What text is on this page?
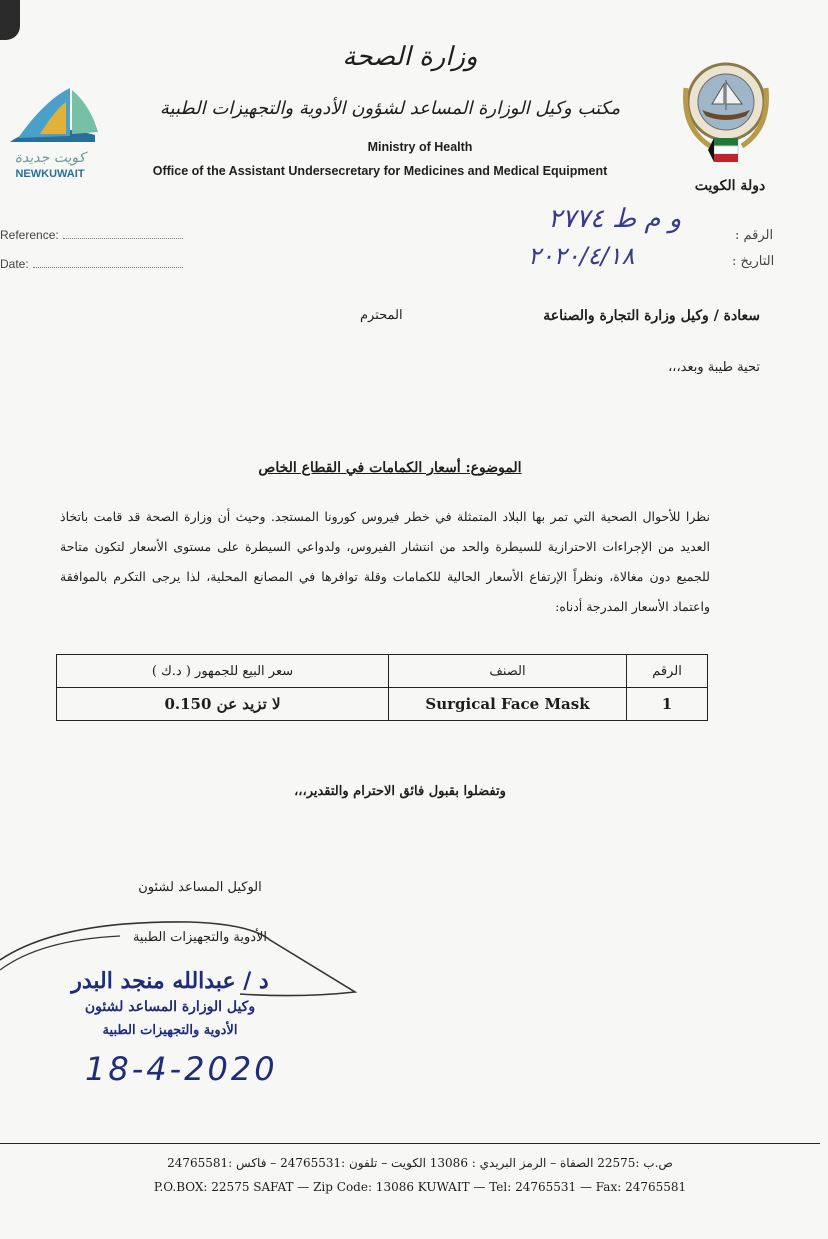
كويت جديدة
NEWKUWAIT
وزارة الصحة
مكتب وكيل الوزارة المساعد لشؤون الأدوية والتجهيزات الطبية
Ministry of Health
Office of the Assistant Undersecretary for Medicines and Medical Equipment
دولة الكويت
Reference:
Date:
الرقم :
التاريخ :
و م ط ٢٧٧٤
٢٠٢٠/٤/١٨
سعادة / وكيل وزارة التجارة والصناعة
المحترم
تحية طيبة وبعد،،،
الموضوع: أسعار الكمامات في القطاع الخاص
نظرا للأحوال الصحية التي تمر بها البلاد المتمثلة في خطر فيروس كورونا المستجد. وحيث أن وزارة الصحة قد قامت باتخاذ العديد من الإجراءات الاحترازية للسيطرة والحد من انتشار الفيروس، ولدواعي السيطرة على مستوى الأسعار لتكون متاحة للجميع دون مغالاة، ونظراً الإرتفاع الأسعار الحالية للكمامات وقلة توافرها في المصانع المحلية، لذا يرجى التكرم بالموافقة واعتماد الأسعار المدرجة أدناه:
الرقم	الصنف	سعر البيع للجمهور ( د.ك )
1	Surgical Face Mask	لا تزيد عن 0.150
وتفضلوا بقبول فائق الاحترام والتقدير،،،
الوكيل المساعد لشئون
الأدوية والتجهيزات الطبية
د / عبدالله منجد البدر
وكيل الوزارة المساعد لشئون
الأدوية والتجهيزات الطبية
18-4-2020
ص.ب :22575 الصفاة – الرمز البريدي : 13086 الكويت – تلفون :24765531 – فاكس :24765581
P.O.BOX: 22575 SAFAT — Zip Code: 13086 KUWAIT — Tel: 24765531 — Fax: 24765581
